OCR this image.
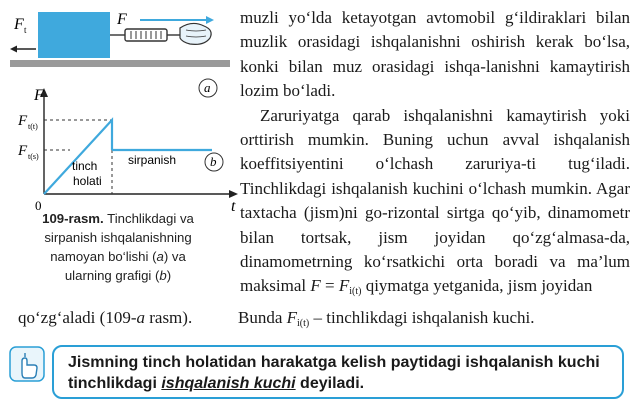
F t
F
a
F
t
0
F t(t)
F t(s)
tinch
holati
sirpanish	b
109-rasm. Tinchlikdagi va
sirpanish ishqalanishning
namoyan bo‘lishi (a) va
ularning grafigi (b)

muzli yo‘lda ketayotgan avtomobil g‘ildiraklari bilan muzlik orasidagi ishqalanishni oshirish kerak bo‘lsa, konki bilan muz orasidagi ishqa-lanishni kamaytirish lozim bo‘ladi.

Zaruriyatga qarab ishqalanishni kamaytirish yoki orttirish mumkin. Buning uchun avval ishqalanish koeffitsiyentini o‘lchash zaruriya-ti tug‘iladi. Tinchlikdagi ishqalanish kuchini o‘lchash mumkin. Agar taxtacha (jism)ni go-rizontal sirtga qo‘yib, dinamometr bilan tortsak, jism joyidan qo‘zg‘almasa-da, dinamometrning ko‘rsatkichi orta boradi va ma’lum maksimal $F = F_{i(t)}$ qiymatga yetganida, jism joyidan

qo‘zg‘aladi (109-a rasm).	Bunda $F_{i(t)}$ – tinchlikdagi ishqalanish kuchi.
Jismning tinch holatidan harakatga kelish paytidagi ishqalanish kuchi tinchlikdagi ishqalanish kuchi deyiladi.
